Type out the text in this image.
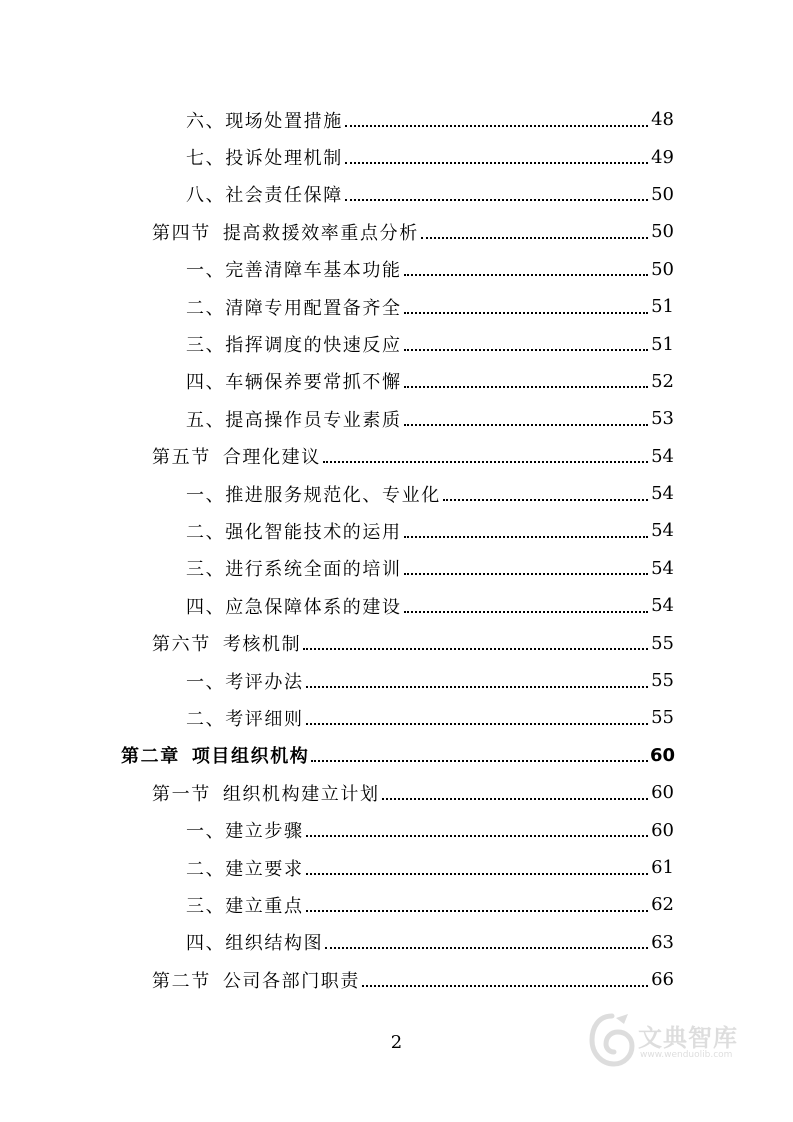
六、 现场处置措施	48
七、 投诉处理机制	49
八、 社会责任保障	50
第四节 提高救援效率重点分析	50
一、 完善清障车基本功能	50
二、 清障专用配置备齐全	51
三、 指挥调度的快速反应	51
四、 车辆保养要常抓不懈	52
五、 提高操作员专业素质	53
第五节 合理化建议	54
一、 推进服务规范化、专业化	54
二、 强化智能技术的运用	54
三、 进行系统全面的培训	54
四、 应急保障体系的建设	54
第六节 考核机制	55
一、 考评办法	55
二、 考评细则	55
第二章 项目组织机构	60
第一节 组织机构建立计划	60
一、 建立步骤	60
二、 建立要求	61
三、 建立重点	62
四、 组织结构图	63
第二节 公司各部门职责	66
2	文典智库
www.wenduolib.com
